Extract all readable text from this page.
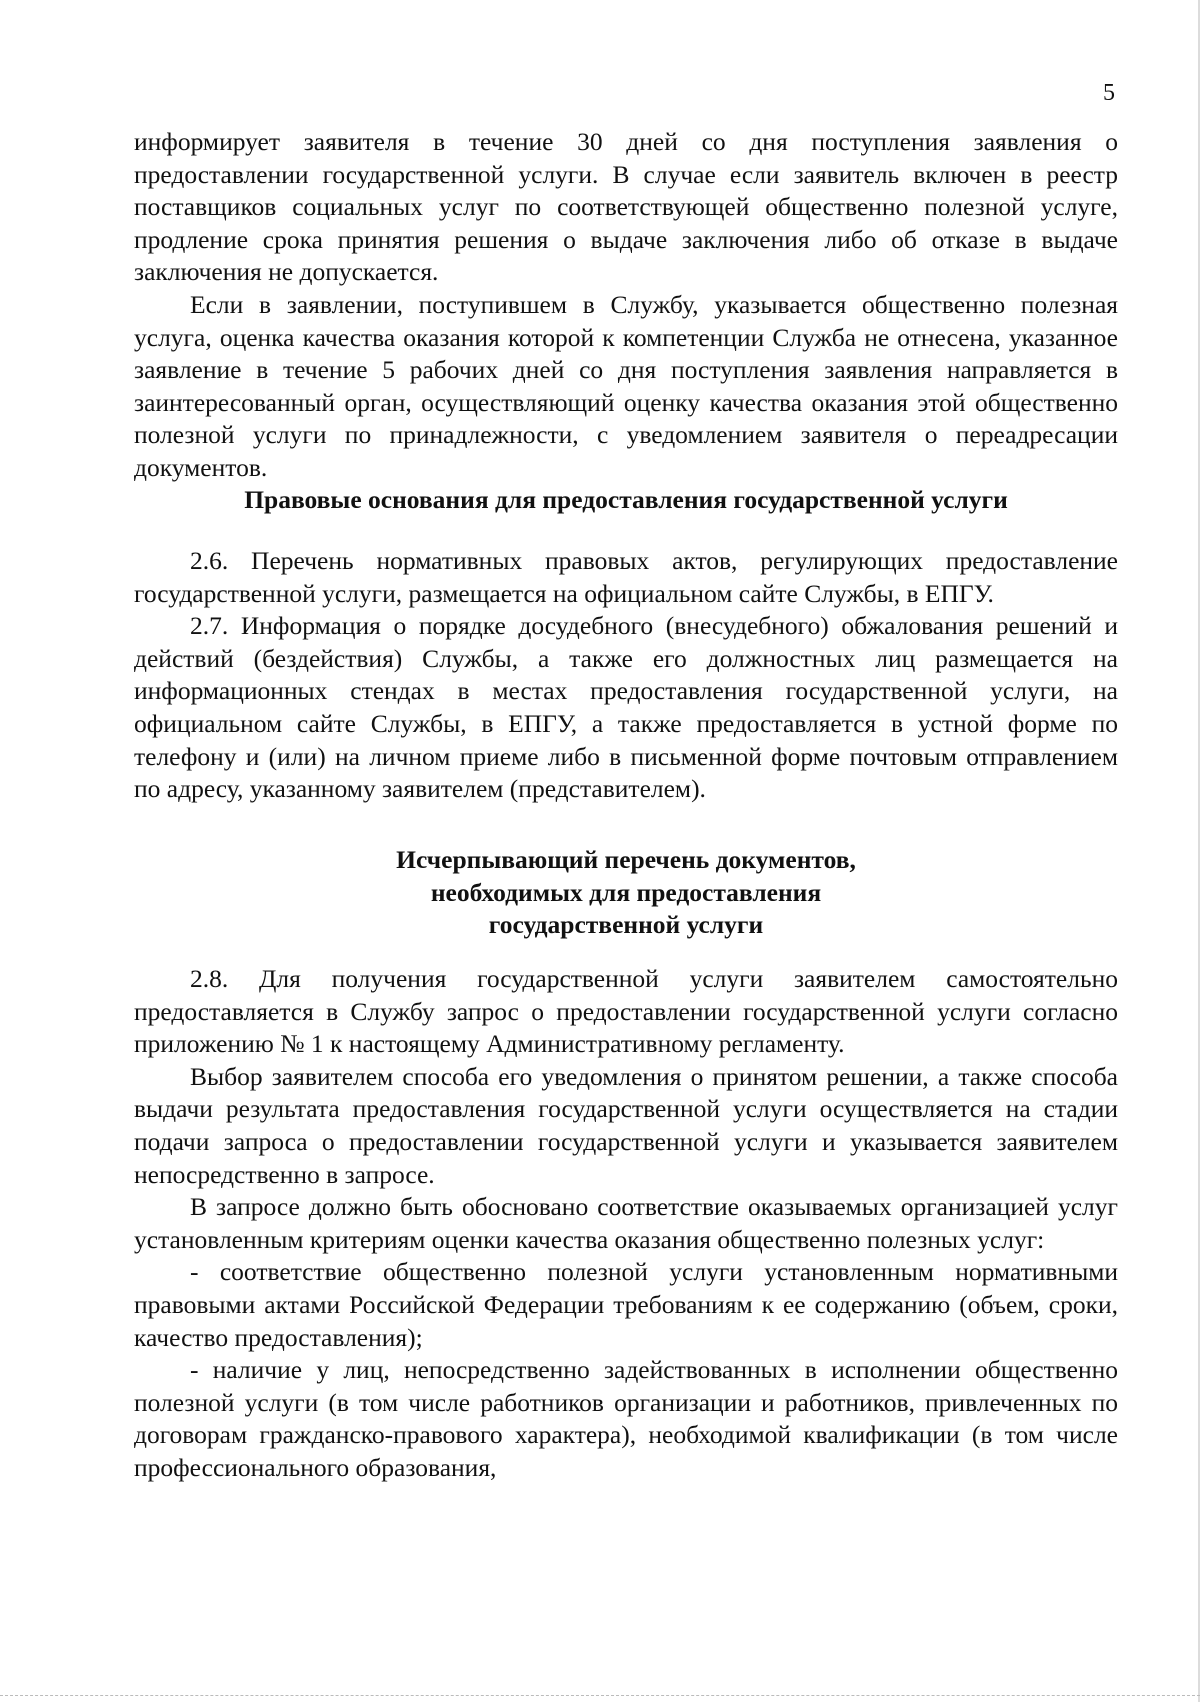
5

информирует заявителя в течение 30 дней со дня поступления заявления о предоставлении государственной услуги. В случае если заявитель включен в реестр поставщиков социальных услуг по соответствующей общественно полезной услуге, продление срока принятия решения о выдаче заключения либо об отказе в выдаче заключения не допускается.

Если в заявлении, поступившем в Службу, указывается общественно полезная услуга, оценка качества оказания которой к компетенции Служба не отнесена, указанное заявление в течение 5 рабочих дней со дня поступления заявления направляется в заинтересованный орган, осуществляющий оценку качества оказания этой общественно полезной услуги по принадлежности, с уведомлением заявителя о переадресации документов.

Правовые основания для предоставления государственной услуги

2.6. Перечень нормативных правовых актов, регулирующих предоставление государственной услуги, размещается на официальном сайте Службы, в ЕПГУ.

2.7. Информация о порядке досудебного (внесудебного) обжалования решений и действий (бездействия) Службы, а также его должностных лиц размещается на информационных стендах в местах предоставления государственной услуги, на официальном сайте Службы, в ЕПГУ, а также предоставляется в устной форме по телефону и (или) на личном приеме либо в письменной форме почтовым отправлением по адресу, указанному заявителем (представителем).

Исчерпывающий перечень документов,
необходимых для предоставления
государственной услуги

2.8. Для получения государственной услуги заявителем самостоятельно предоставляется в Службу запрос о предоставлении государственной услуги согласно приложению № 1 к настоящему Административному регламенту.

Выбор заявителем способа его уведомления о принятом решении, а также способа выдачи результата предоставления государственной услуги осуществляется на стадии подачи запроса о предоставлении государственной услуги и указывается заявителем непосредственно в запросе.

В запросе должно быть обосновано соответствие оказываемых организацией услуг установленным критериям оценки качества оказания общественно полезных услуг:

- соответствие общественно полезной услуги установленным нормативными правовыми актами Российской Федерации требованиям к ее содержанию (объем, сроки, качество предоставления);

- наличие у лиц, непосредственно задействованных в исполнении общественно полезной услуги (в том числе работников организации и работников, привлеченных по договорам гражданско-правового характера), необходимой квалификации (в том числе профессионального образования,
